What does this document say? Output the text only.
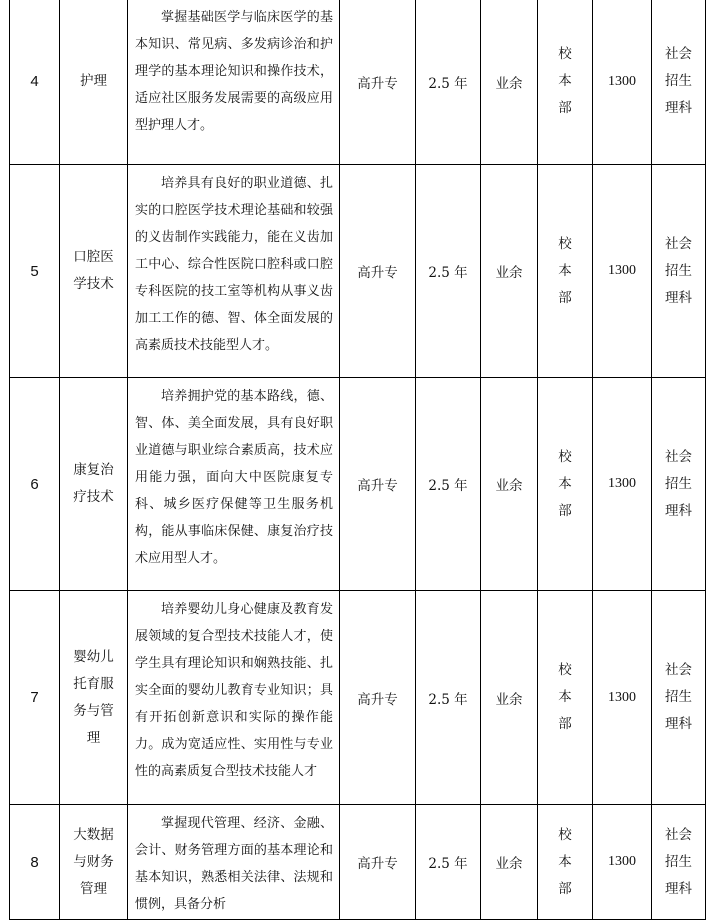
4	护理	掌握基础医学与临床医学的基本知识、常见病、多发病诊治和护理学的基本理论知识和操作技术，适应社区服务发展需要的高级应用型护理人才。	高升专	2.5 年	业余	校本部	1300	社会招生理科

5	口腔医学技术	培养具有良好的职业道德、扎实的口腔医学技术理论基础和较强的义齿制作实践能力，能在义齿加工中心、综合性医院口腔科或口腔专科医院的技工室等机构从事义齿加工工作的德、智、体全面发展的高素质技术技能型人才。	高升专	2.5 年	业余	校本部	1300	社会招生理科

6	康复治疗技术	培养拥护党的基本路线，德、智、体、美全面发展，具有良好职业道德与职业综合素质高，技术应用能力强，面向大中医院康复专科、城乡医疗保健等卫生服务机构，能从事临床保健、康复治疗技术应用型人才。	高升专	2.5 年	业余	校本部	1300	社会招生理科

7	婴幼儿托育服务与管理	培养婴幼儿身心健康及教育发展领域的复合型技术技能人才，使学生具有理论知识和娴熟技能、扎实全面的婴幼儿教育专业知识；具有开拓创新意识和实际的操作能力。成为宽适应性、实用性与专业性的高素质复合型技术技能人才	高升专	2.5 年	业余	校本部	1300	社会招生理科

8	大数据与财务管理	掌握现代管理、经济、金融、会计、财务管理方面的基本理论和基本知识，熟悉相关法律、法规和惯例，具备分析	高升专	2.5 年	业余	校本部	1300	社会招生理科
